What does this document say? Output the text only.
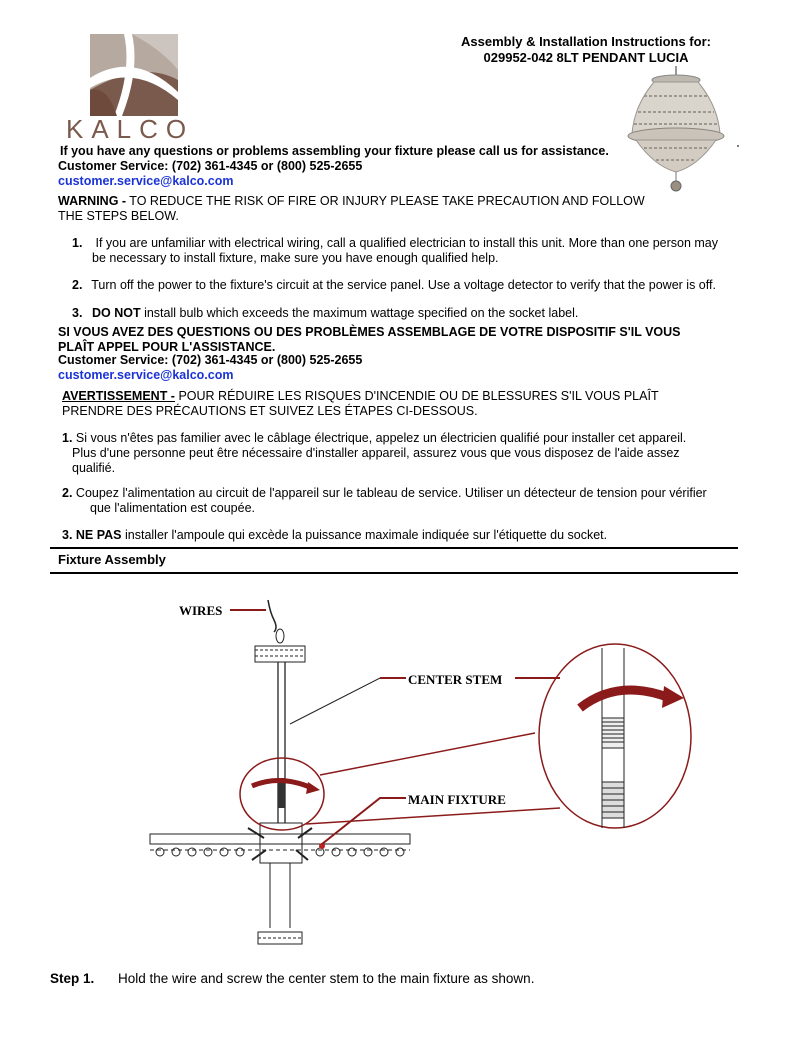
KALCO
Assembly & Installation Instructions for:
029952-042 8LT PENDANT LUCIA
If you have any questions or problems assembling your fixture please call us for assistance.
Customer Service: (702) 361-4345 or (800) 525-2655
customer.service@kalco.com
WARNING - TO REDUCE THE RISK OF FIRE OR INJURY PLEASE TAKE PRECAUTION AND FOLLOW
THE STEPS BELOW.
1. If you are unfamiliar with electrical wiring, call a qualified electrician to install this unit. More than one person may
be necessary to install fixture, make sure you have enough qualified help.
2. Turn off the power to the fixture's circuit at the service panel. Use a voltage detector to verify that the power is off.
3. DO NOT install bulb which exceeds the maximum wattage specified on the socket label.
SI VOUS AVEZ DES QUESTIONS OU DES PROBLÈMES ASSEMBLAGE DE VOTRE DISPOSITIF S'IL VOUS
PLAÎT APPEL POUR L'ASSISTANCE.
Customer Service: (702) 361-4345 or (800) 525-2655
customer.service@kalco.com
AVERTISSEMENT - POUR RÉDUIRE LES RISQUES D'INCENDIE OU DE BLESSURES S'IL VOUS PLAÎT
PRENDRE DES PRÉCAUTIONS ET SUIVEZ LES ÉTAPES CI-DESSOUS.
1. Si vous n'êtes pas familier avec le câblage électrique, appelez un électricien qualifié pour installer cet appareil.
Plus d'une personne peut être nécessaire d'installer appareil, assurez vous que vous disposez de l'aide assez
qualifié.
2. Coupez l'alimentation au circuit de l'appareil sur le tableau de service. Utiliser un détecteur de tension pour vérifier
que l'alimentation est coupée.
3. NE PAS installer l'ampoule qui excède la puissance maximale indiquée sur l'étiquette du socket.
Fixture Assembly
WIRES
CENTER STEM
MAIN FIXTURE
Step 1. Hold the wire and screw the center stem to the main fixture as shown.
